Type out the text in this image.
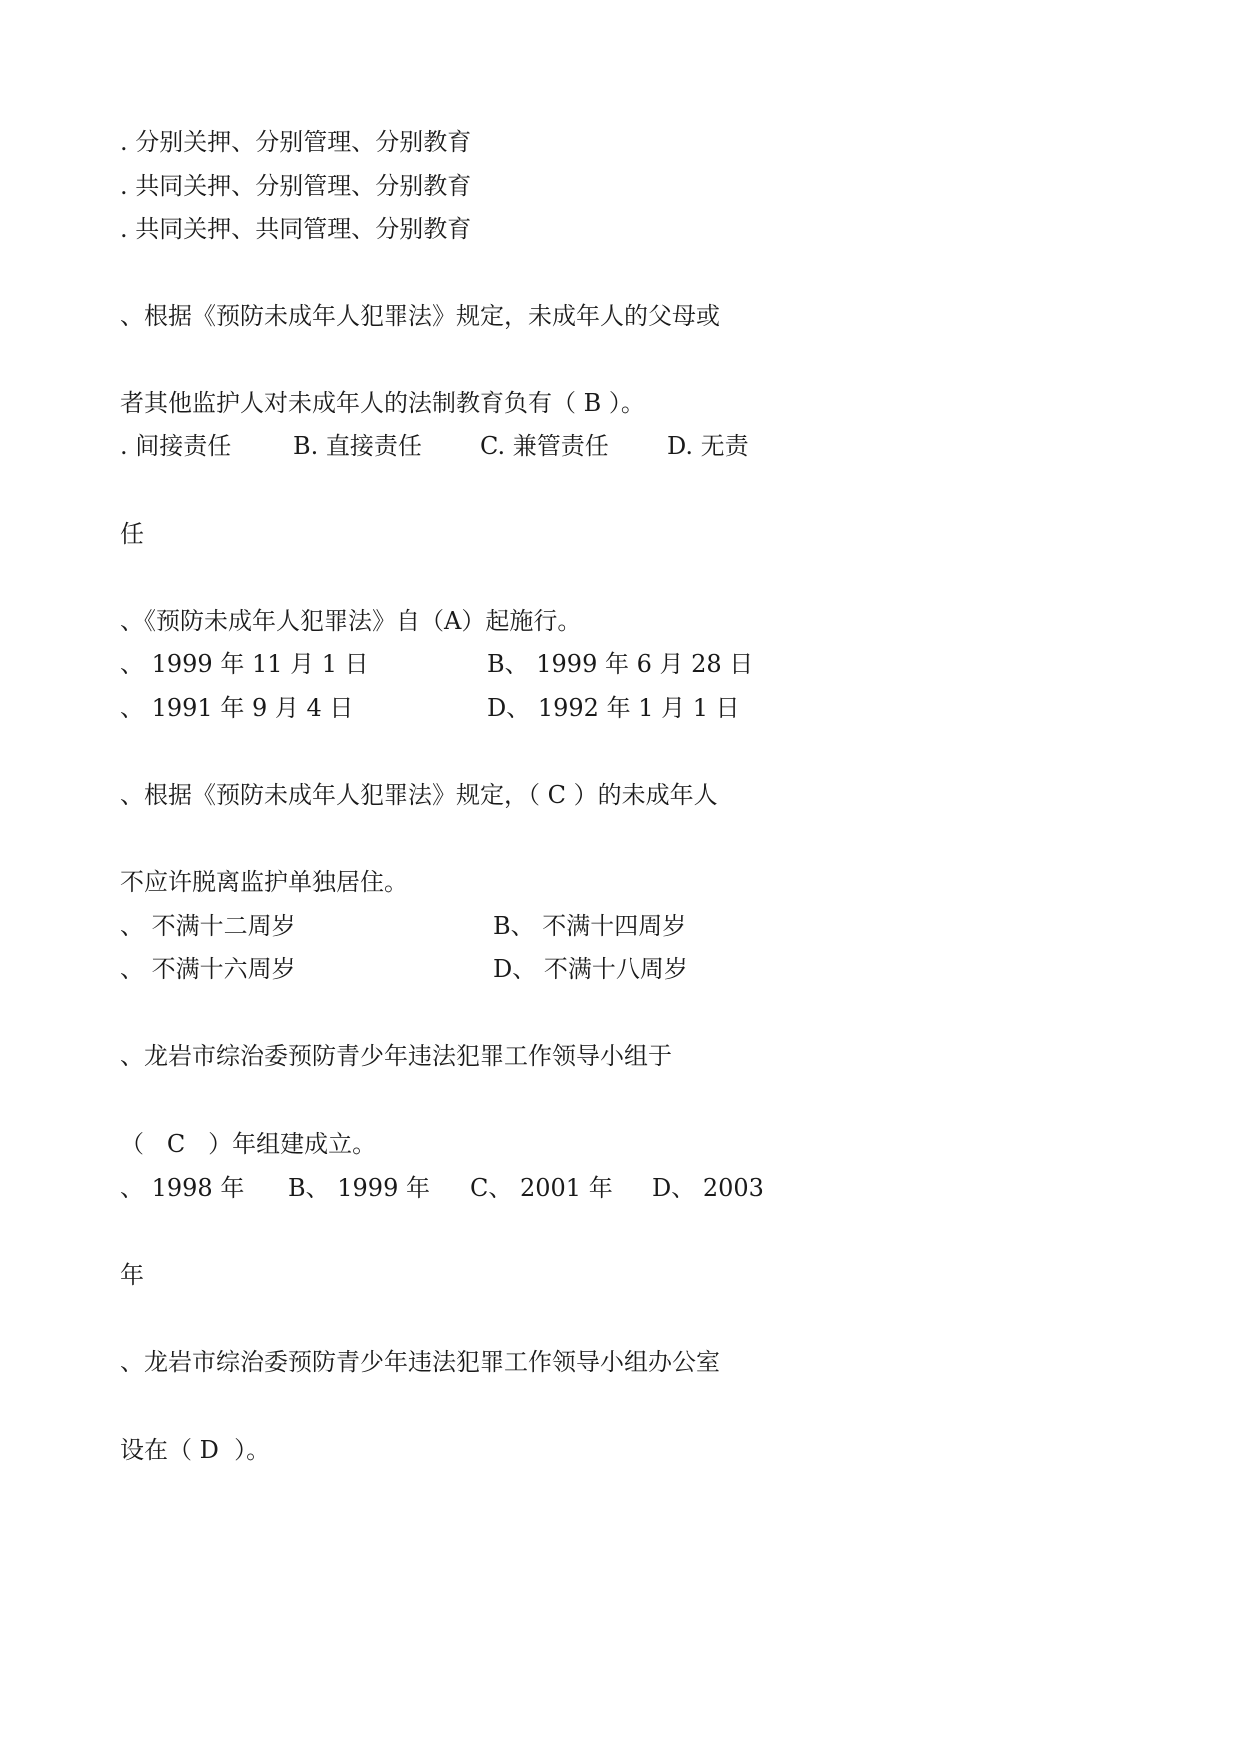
. 分别关押、分别管理、分别教育
. 共同关押、分别管理、分别教育
. 共同关押、共同管理、分别教育
、根据《预防未成年人犯罪法》规定，未成年人的父母或
者其他监护人对未成年人的法制教育负有（ B ）。
. 间接责任	B. 直接责任 C. 兼管责任 D. 无责
任
、《预防未成年人犯罪法》自（A）起施行。
、 1999 年 11 月 1 日	B、 1999 年 6 月 28 日
、 1991 年 9 月 4 日	D、 1992 年 1 月 1 日
、根据《预防未成年人犯罪法》规定，（ C ）的未成年人
不应许脱离监护单独居住。
、 不满十二周岁	B、 不满十四周岁
、 不满十六周岁	D、 不满十八周岁
、龙岩市综治委预防青少年违法犯罪工作领导小组于
（   C   ）年组建成立。
、 1998 年 B、 1999 年 C、 2001 年 D、 2003
年
、龙岩市综治委预防青少年违法犯罪工作领导小组办公室
设在（ D  ）。
